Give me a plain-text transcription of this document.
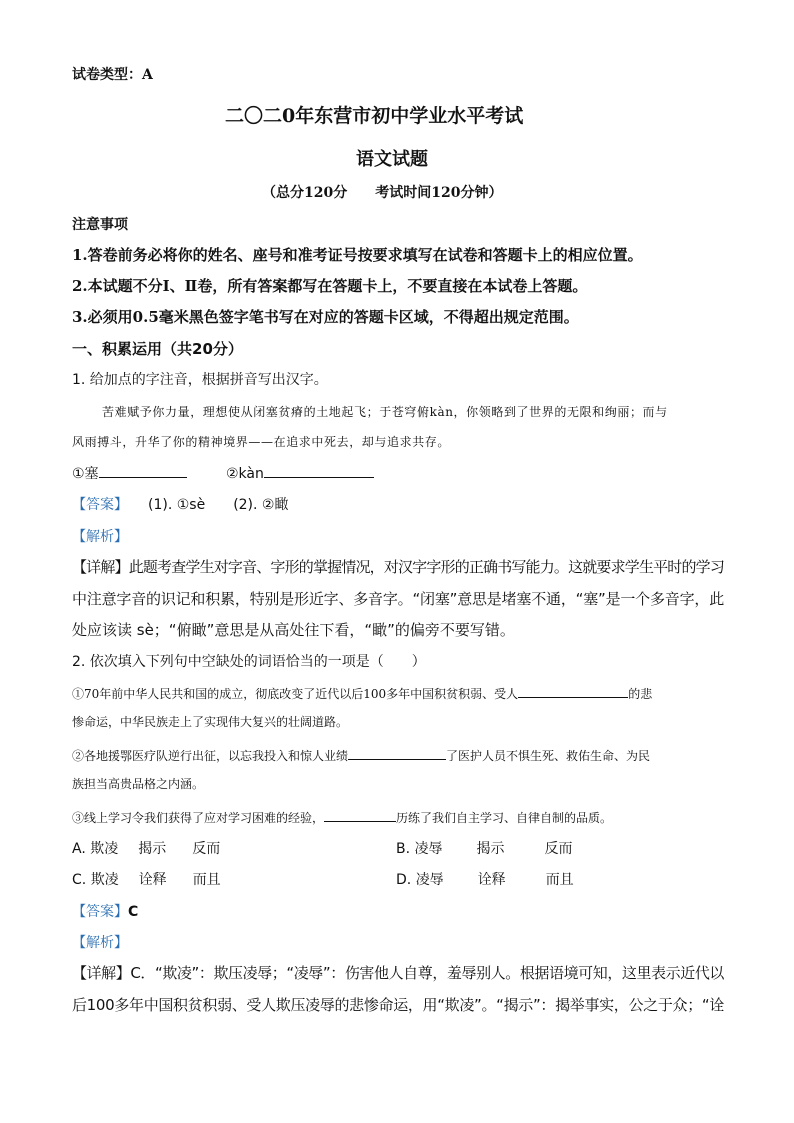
试卷类型：A
二〇二0年东营市初中学业水平考试
语文试题
（总分120分　　考试时间120分钟）
注意事项
1.答卷前务必将你的姓名、座号和准考证号按要求填写在试卷和答题卡上的相应位置。
2.本试题不分Ⅰ、Ⅱ卷，所有答案都写在答题卡上，不要直接在本试卷上答题。
3.必须用0.5毫米黑色签字笔书写在对应的答题卡区域，不得超出规定范围。
一、积累运用（共20分）
1. 给加点的字注音，根据拼音写出汉字。
苦难赋予你力量，理想使从闭塞贫瘠的土地起飞；于苍穹俯kàn，你领略到了世界的无限和绚丽；而与
风雨搏斗，升华了你的精神境界——在追求中死去，却与追求共存。
①塞	②kàn
【答案】 (1). ①sè　　(2). ②瞰
【解析】
【详解】此题考查学生对字音、字形的掌握情况，对汉字字形的正确书写能力。这就要求学生平时的学习
中注意字音的识记和积累，特别是形近字、多音字。“闭塞”意思是堵塞不通，“塞”是一个多音字，此
处应该读 sè；“俯瞰”意思是从高处往下看，“瞰”的偏旁不要写错。
2. 依次填入下列句中空缺处的词语恰当的一项是（　　）
①70年前中华人民共和国的成立，彻底改变了近代以后100多年中国积贫积弱、受人	的悲
惨命运，中华民族走上了实现伟大复兴的壮阔道路。
②各地援鄂医疗队逆行出征，以忘我投入和惊人业绩	了医护人员不惧生死、救佑生命、为民
族担当高贵品格之内涵。
③线上学习令我们获得了应对学习困难的经验，	历练了我们自主学习、自律自制的品质。
A. 欺凌 揭示 反而	B. 凌辱 揭示	反而
C. 欺凌 诠释 而且	D. 凌辱 诠释	而且
【答案】C
【解析】
【详解】C．“欺凌”：欺压凌辱；“凌辱”：伤害他人自尊，羞辱别人。根据语境可知，这里表示近代以
后100多年中国积贫积弱、受人欺压凌辱的悲惨命运，用“欺凌”。“揭示”：揭举事实，公之于众；“诠
